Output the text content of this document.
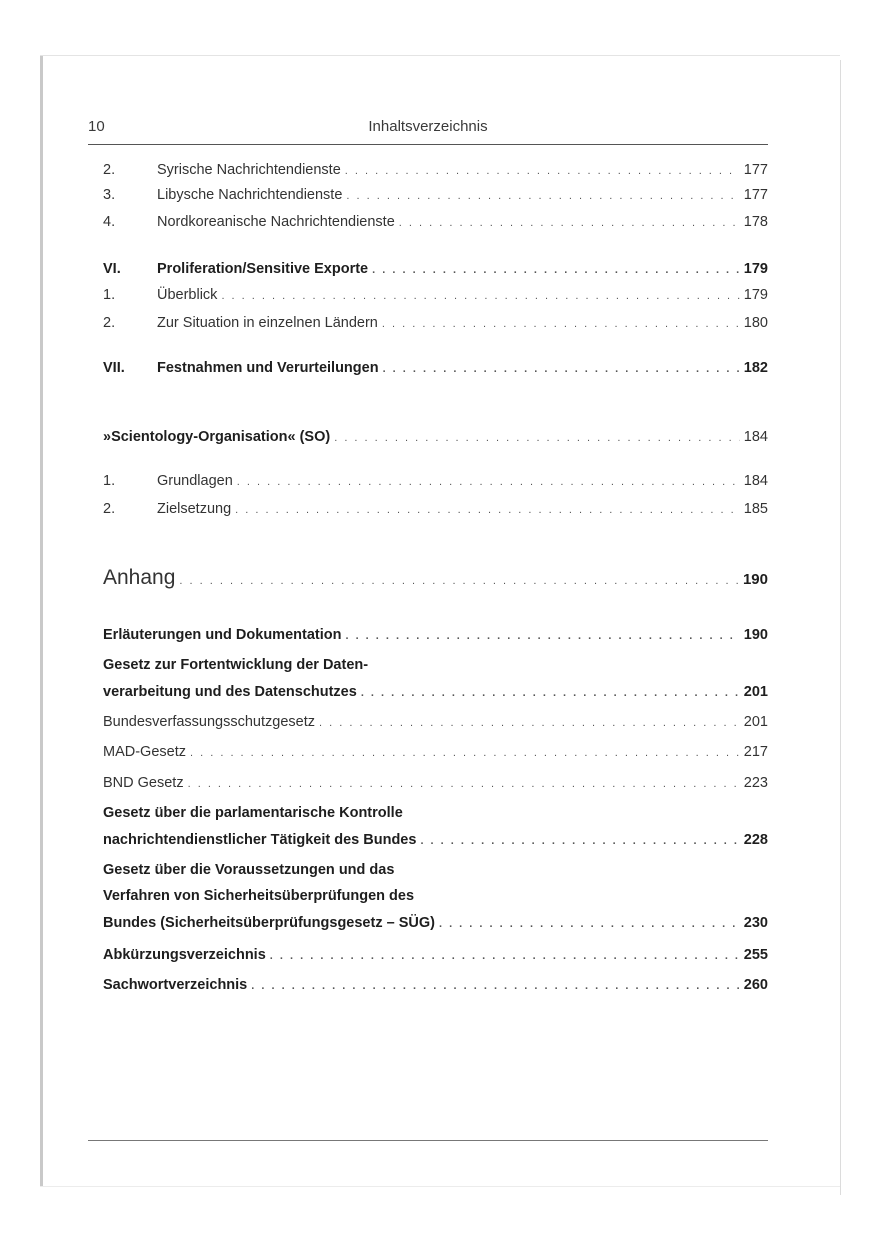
10	Inhaltsverzeichnis
2.	Syrische Nachrichtendienste . . .	177
3.	Libysche Nachrichtendienste . . .	177
4.	Nordkoreanische Nachrichtendienste . . .	178
VI.	Proliferation/Sensitive Exporte . . .	179
1.	Überblick . . .	179
2.	Zur Situation in einzelnen Ländern . . .	180
VII.	Festnahmen und Verurteilungen . . .	182
»Scientology-Organisation« (SO) . . .	184
1.	Grundlagen . . .	184
2.	Zielsetzung . . .	185
Anhang . . .	190
Erläuterungen und Dokumentation . . .	190
Gesetz zur Fortentwicklung der Daten-
verarbeitung und des Datenschutzes . . .	201
Bundesverfassungsschutzgesetz . . .	201
MAD-Gesetz . . .	217
BND Gesetz . . .	223
Gesetz über die parlamentarische Kontrolle
nachrichtendienstlicher Tätigkeit des Bundes . . .	228
Gesetz über die Voraussetzungen und das
Verfahren von Sicherheitsüberprüfungen des
Bundes (Sicherheitsüberprüfungsgesetz – SÜG) . . .	230
Abkürzungsverzeichnis . . .	255
Sachwortverzeichnis . . .	260
